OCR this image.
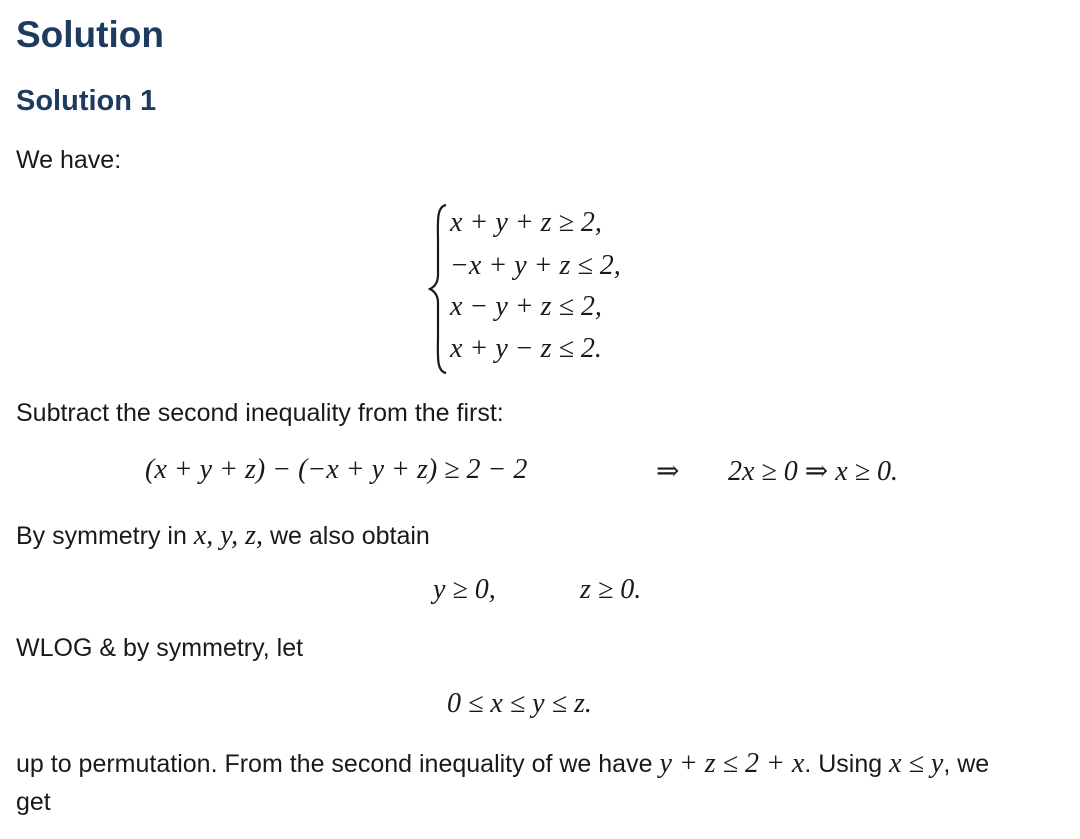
Solution
Solution 1

We have:

x + y + z ≥ 2,
−x + y + z ≤ 2,
x − y + z ≤ 2,
x + y − z ≤ 2.

Subtract the second inequality from the first:

(x + y + z) − (−x + y + z) ≥ 2 − 2	⇒ 2x ≥ 0 ⇒ x ≥ 0.

By symmetry in x, y, z, we also obtain

y ≥ 0,	z ≥ 0.

WLOG & by symmetry, let

0 ≤ x ≤ y ≤ z.

up to permutation. From the second inequality of we have y + z ≤ 2 + x. Using x ≤ y, we
get
